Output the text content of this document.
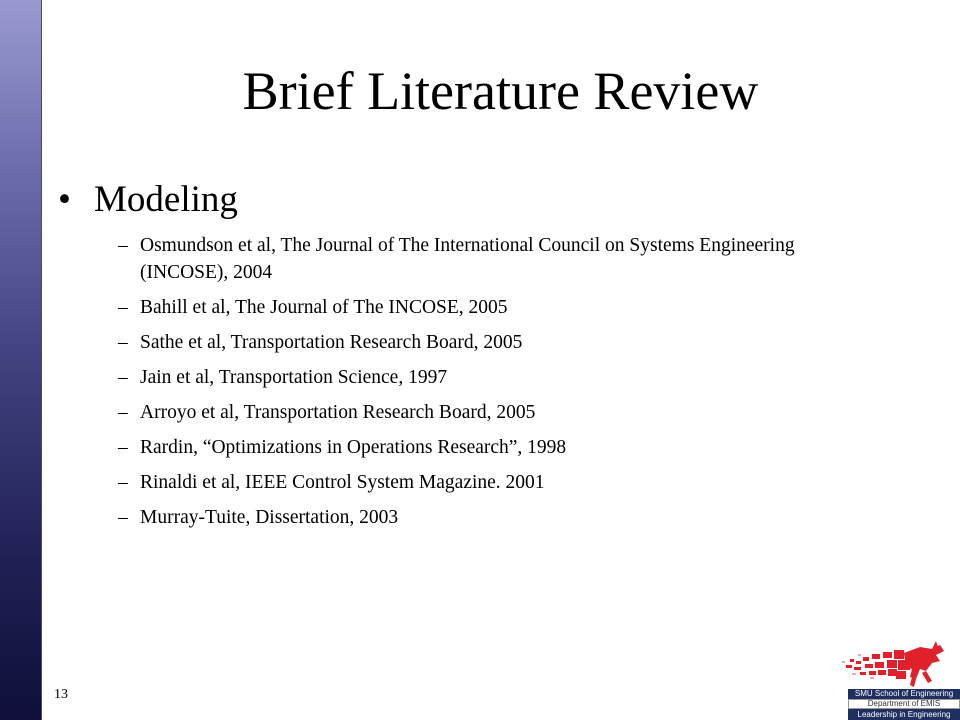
Brief Literature Review
• Modeling
– Osmundson et al, The Journal of The International Council on Systems Engineering (INCOSE), 2004
– Bahill et al, The Journal of The INCOSE, 2005
– Sathe et al, Transportation Research Board, 2005
– Jain et al, Transportation Science, 1997
– Arroyo et al, Transportation Research Board, 2005
– Rardin, “Optimizations in Operations Research”, 1998
– Rinaldi et al, IEEE Control System Magazine. 2001
– Murray-Tuite, Dissertation, 2003
13	SMU School of Engineering
Department of EMIS
Leadership in Engineering
